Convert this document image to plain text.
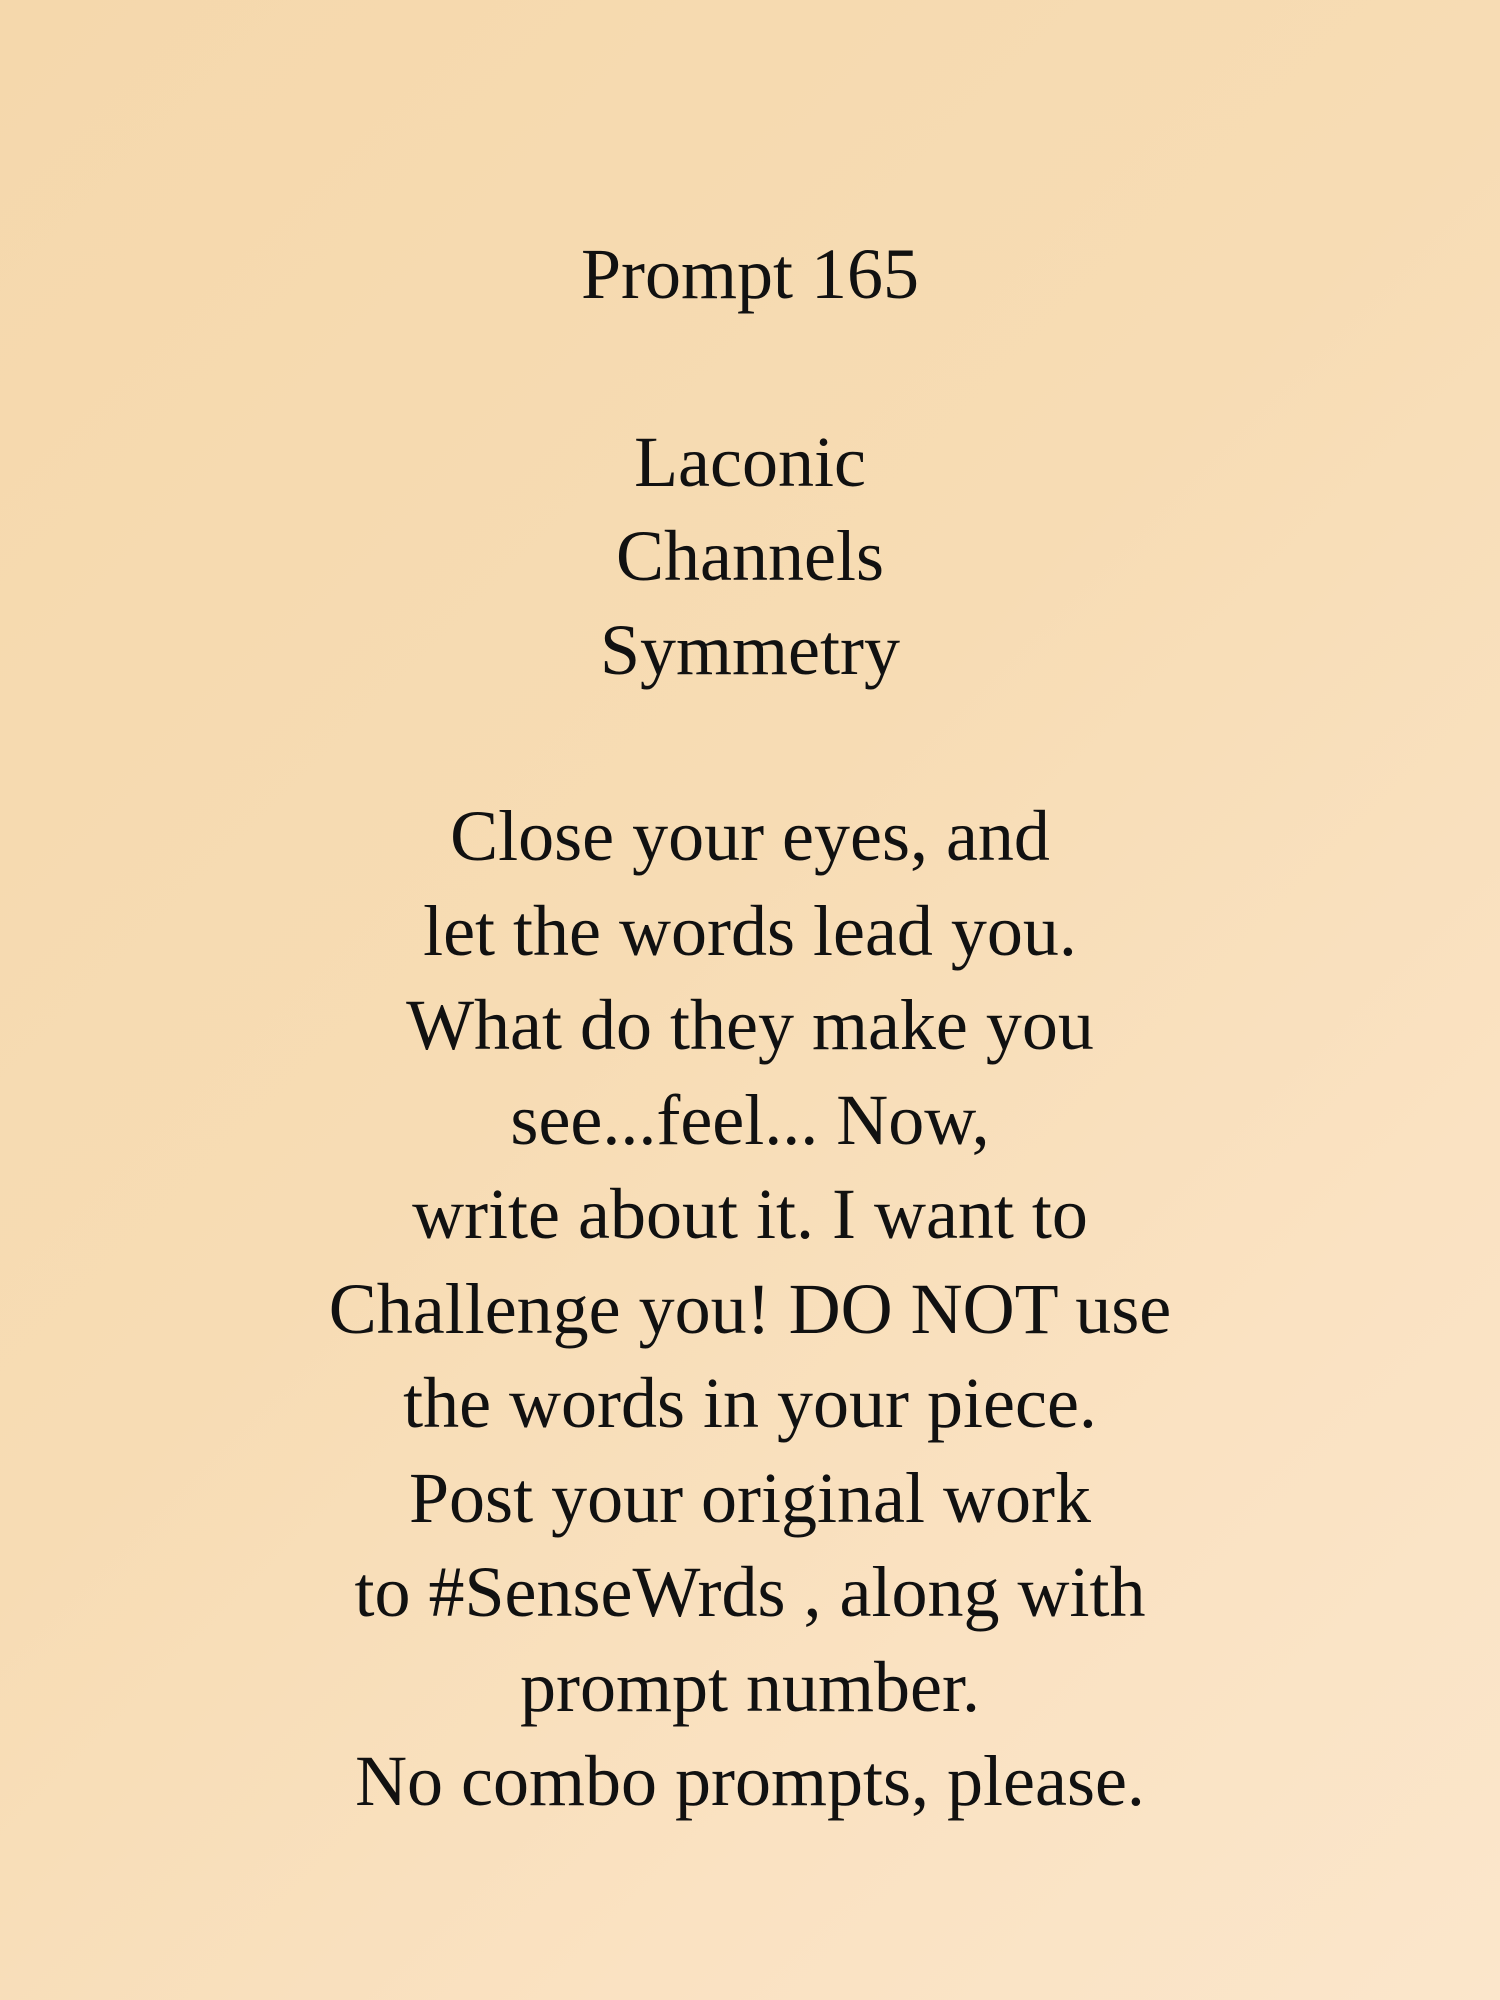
Prompt 165
Laconic
Channels
Symmetry
Close your eyes, and
let the words lead you.
What do they make you
see...feel... Now,
write about it. I want to
Challenge you! DO NOT use
the words in your piece.
Post your original work
to #SenseWrds , along with
prompt number.
No combo prompts, please.
